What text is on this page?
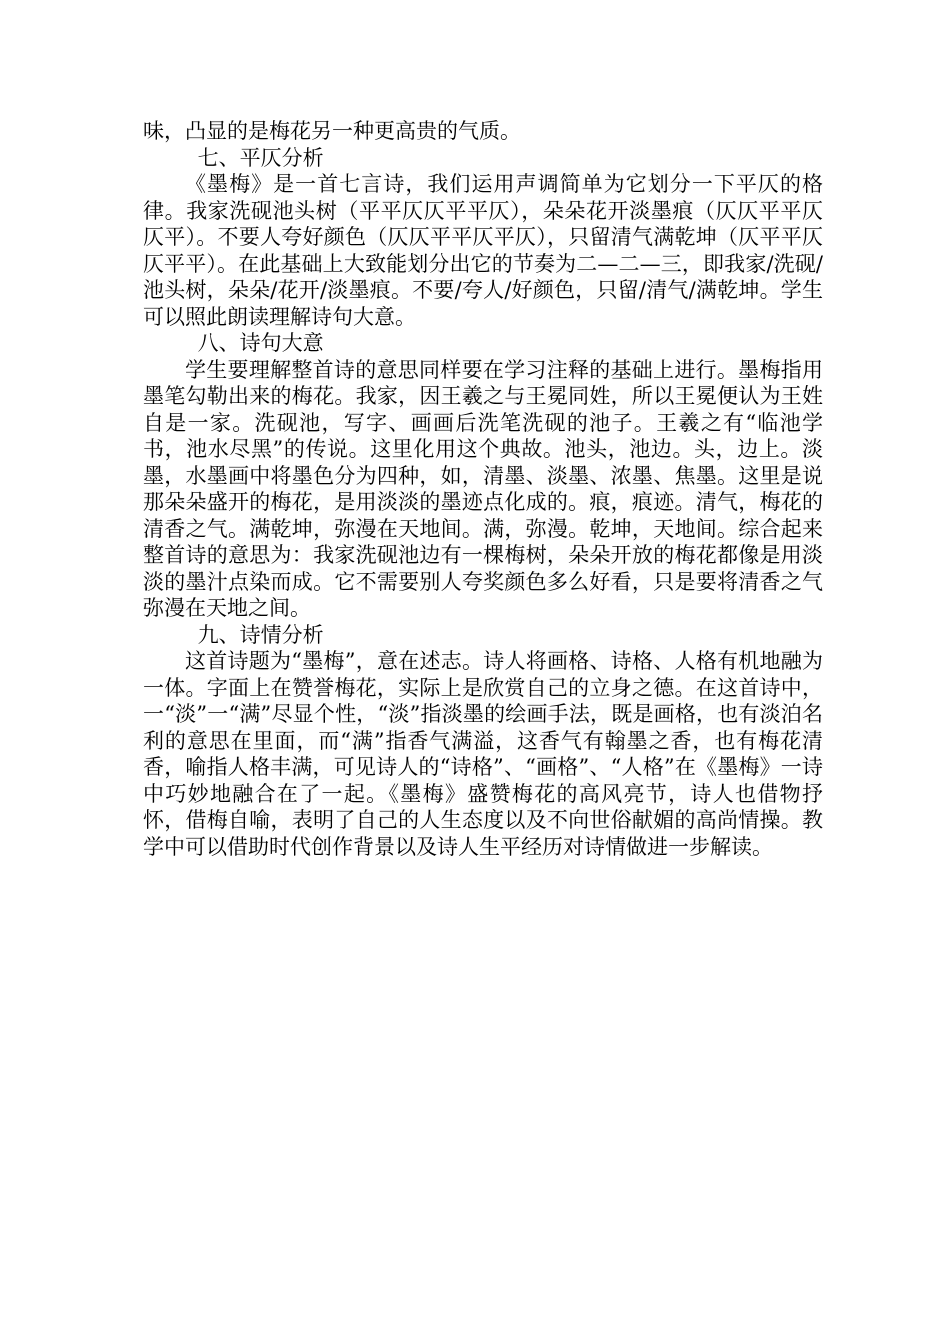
味，凸显的是梅花另一种更高贵的气质。

七、平仄分析

《墨梅》是一首七言诗，我们运用声调简单为它划分一下平仄的格律。我家洗砚池头树（平平仄仄平平仄），朵朵花开淡墨痕（仄仄平平仄仄平）。不要人夸好颜色（仄仄平平仄平仄），只留清气满乾坤（仄平平仄仄平平）。在此基础上大致能划分出它的节奏为二—二—三，即我家/洗砚/池头树，朵朵/花开/淡墨痕。不要/夸人/好颜色，只留/清气/满乾坤。学生可以照此朗读理解诗句大意。

八、诗句大意

学生要理解整首诗的意思同样要在学习注释的基础上进行。墨梅指用墨笔勾勒出来的梅花。我家，因王羲之与王冕同姓，所以王冕便认为王姓自是一家。洗砚池，写字、画画后洗笔洗砚的池子。王羲之有“临池学书，池水尽黑”的传说。这里化用这个典故。池头，池边。头，边上。淡墨，水墨画中将墨色分为四种，如，清墨、淡墨、浓墨、焦墨。这里是说那朵朵盛开的梅花，是用淡淡的墨迹点化成的。痕，痕迹。清气，梅花的清香之气。满乾坤，弥漫在天地间。满，弥漫。乾坤，天地间。综合起来整首诗的意思为：我家洗砚池边有一棵梅树，朵朵开放的梅花都像是用淡淡的墨汁点染而成。它不需要别人夸奖颜色多么好看，只是要将清香之气弥漫在天地之间。

九、诗情分析

这首诗题为“墨梅”，意在述志。诗人将画格、诗格、人格有机地融为一体。字面上在赞誉梅花，实际上是欣赏自己的立身之德。在这首诗中，一“淡”一“满”尽显个性，“淡”指淡墨的绘画手法，既是画格，也有淡泊名利的意思在里面，而“满”指香气满溢，这香气有翰墨之香，也有梅花清香，喻指人格丰满，可见诗人的“诗格”、“画格”、“人格”在《墨梅》一诗中巧妙地融合在了一起。《墨梅》盛赞梅花的高风亮节，诗人也借物抒怀，借梅自喻，表明了自己的人生态度以及不向世俗献媚的高尚情操。教学中可以借助时代创作背景以及诗人生平经历对诗情做进一步解读。
